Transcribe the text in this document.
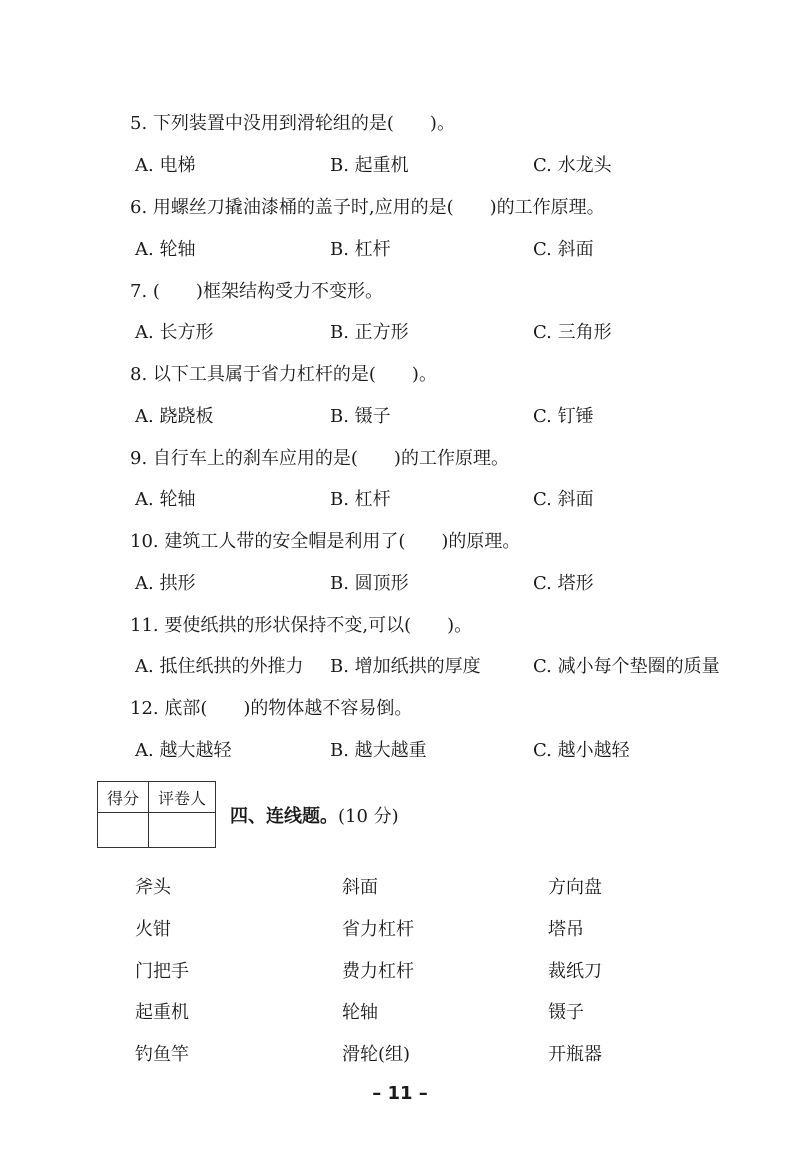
5. 下列装置中没用到滑轮组的是(　　)。
A. 电梯	B. 起重机	C. 水龙头
6. 用螺丝刀撬油漆桶的盖子时,应用的是(　　)的工作原理。
A. 轮轴	B. 杠杆	C. 斜面
7. (　　)框架结构受力不变形。
A. 长方形	B. 正方形	C. 三角形
8. 以下工具属于省力杠杆的是(　　)。
A. 跷跷板	B. 镊子	C. 钉锤
9. 自行车上的刹车应用的是(　　)的工作原理。
A. 轮轴	B. 杠杆	C. 斜面
10. 建筑工人带的安全帽是利用了(　　)的原理。
A. 拱形	B. 圆顶形	C. 塔形
11. 要使纸拱的形状保持不变,可以(　　)。
A. 抵住纸拱的外推力 B. 增加纸拱的厚度	C. 减小每个垫圈的质量
12. 底部(　　)的物体越不容易倒。
A. 越大越轻	B. 越大越重	C. 越小越轻
得分	评卷人

四、连线题。(10 分)
斧头	斜面	方向盘
火钳	省力杠杆	塔吊
门把手	费力杠杆	裁纸刀
起重机	轮轴	镊子
钓鱼竿	滑轮(组)	开瓶器
– 11 –
